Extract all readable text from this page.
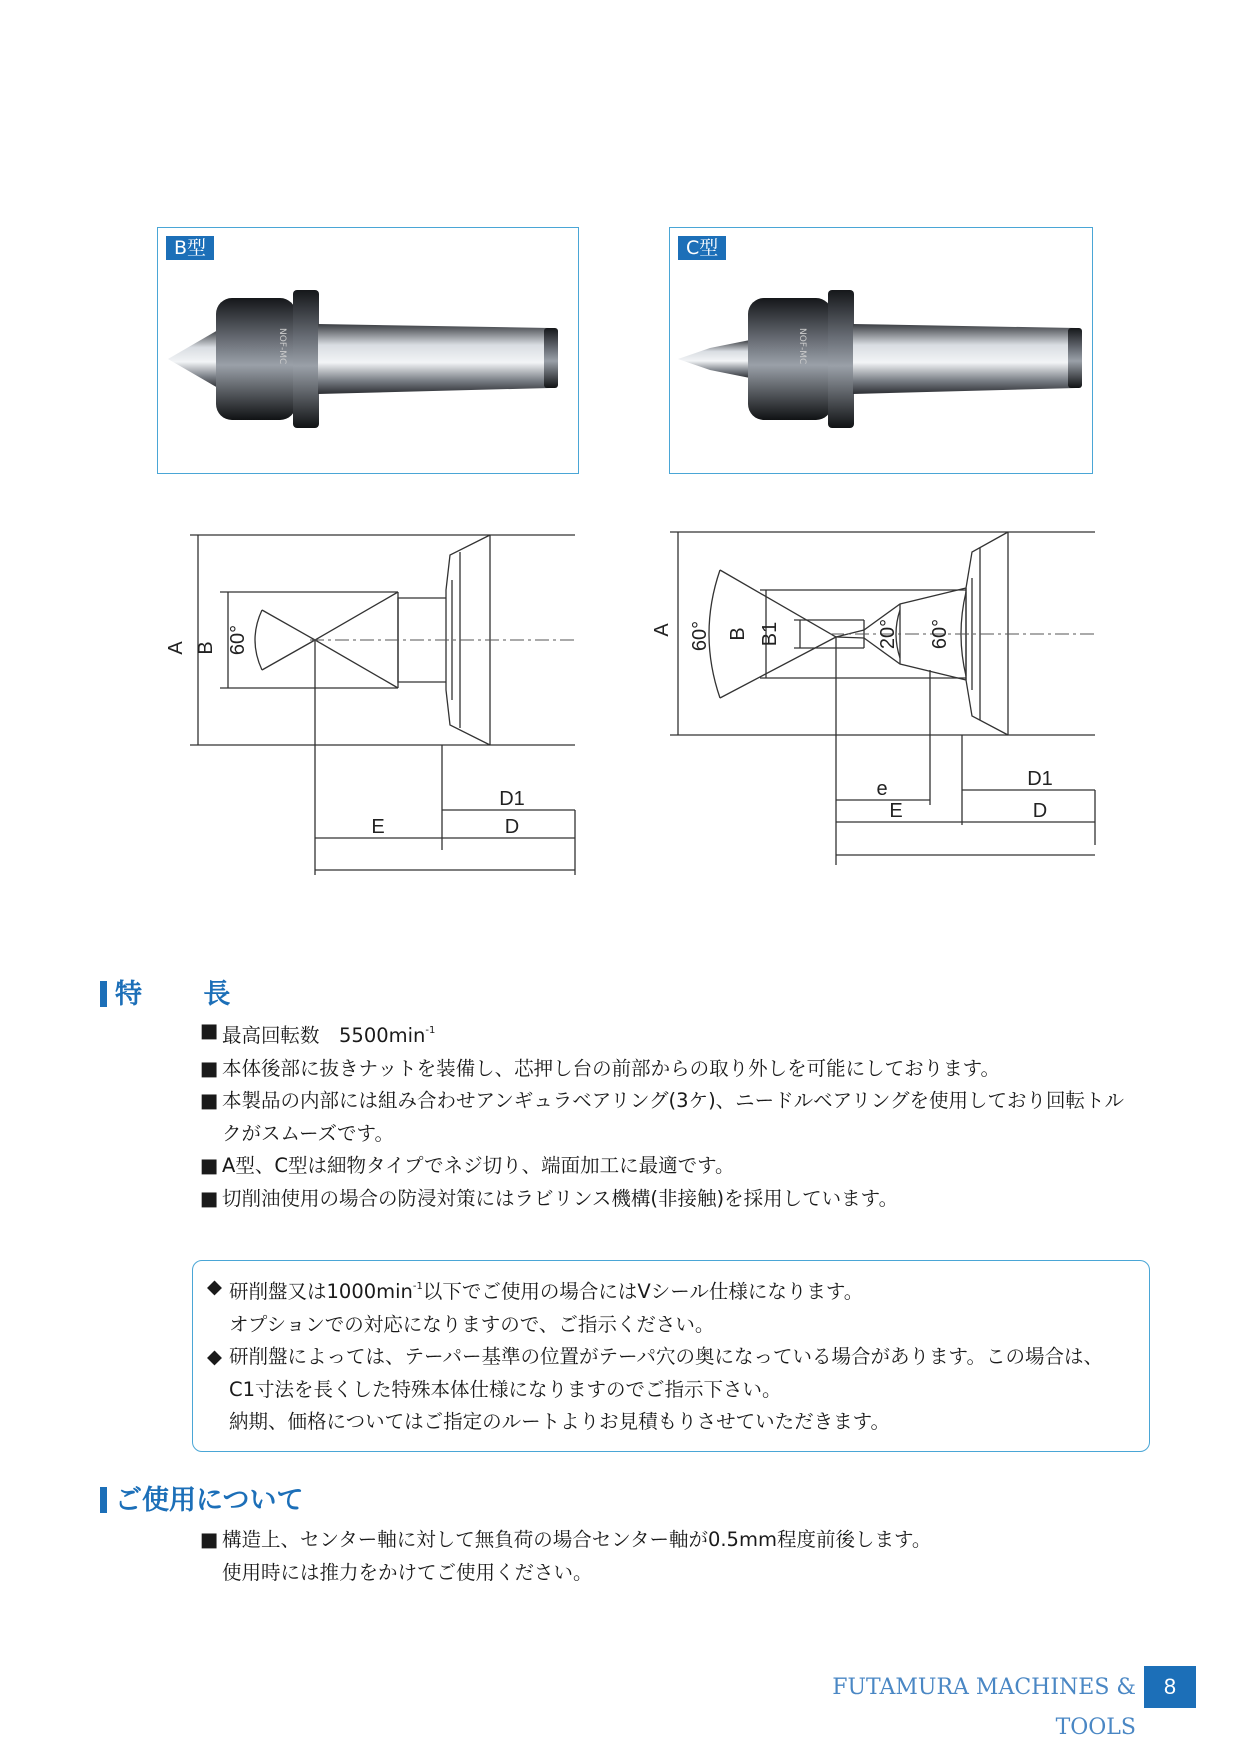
NOF-MC
B型
NOF-MC
C型
A B 60°
E
D1
D
A 60° B B1	20° 60°
e
E
D1
D
特 長
■ 最高回転数　$5500\min^{-1}$
■ 本体後部に抜きナットを装備し、芯押し台の前部からの取り外しを可能にしております。
■ 本製品の内部には組み合わせアンギュラベアリング(3ケ)、ニードルベアリングを使用しており回転トルクがスムーズです。
■ A型、C型は細物タイプでネジ切り、端面加工に最適です。
■ 切削油使用の場合の防浸対策にはラビリンス機構(非接触)を採用しています。
◆ 研削盤又は$1000\min^{-1}$以下でご使用の場合にはVシール仕様になります。
オプションでの対応になりますので、ご指示ください。
◆ 研削盤によっては、テーパー基準の位置がテーパ穴の奥になっている場合があります。この場合は、
C1寸法を長くした特殊本体仕様になりますのでご指示下さい。
納期、価格についてはご指定のルートよりお見積もりさせていただきます。
ご使用について
■ 構造上、センター軸に対して無負荷の場合センター軸が0.5mm程度前後します。
使用時には推力をかけてご使用ください。
FUTAMURA MACHINES & TOOLS
8
